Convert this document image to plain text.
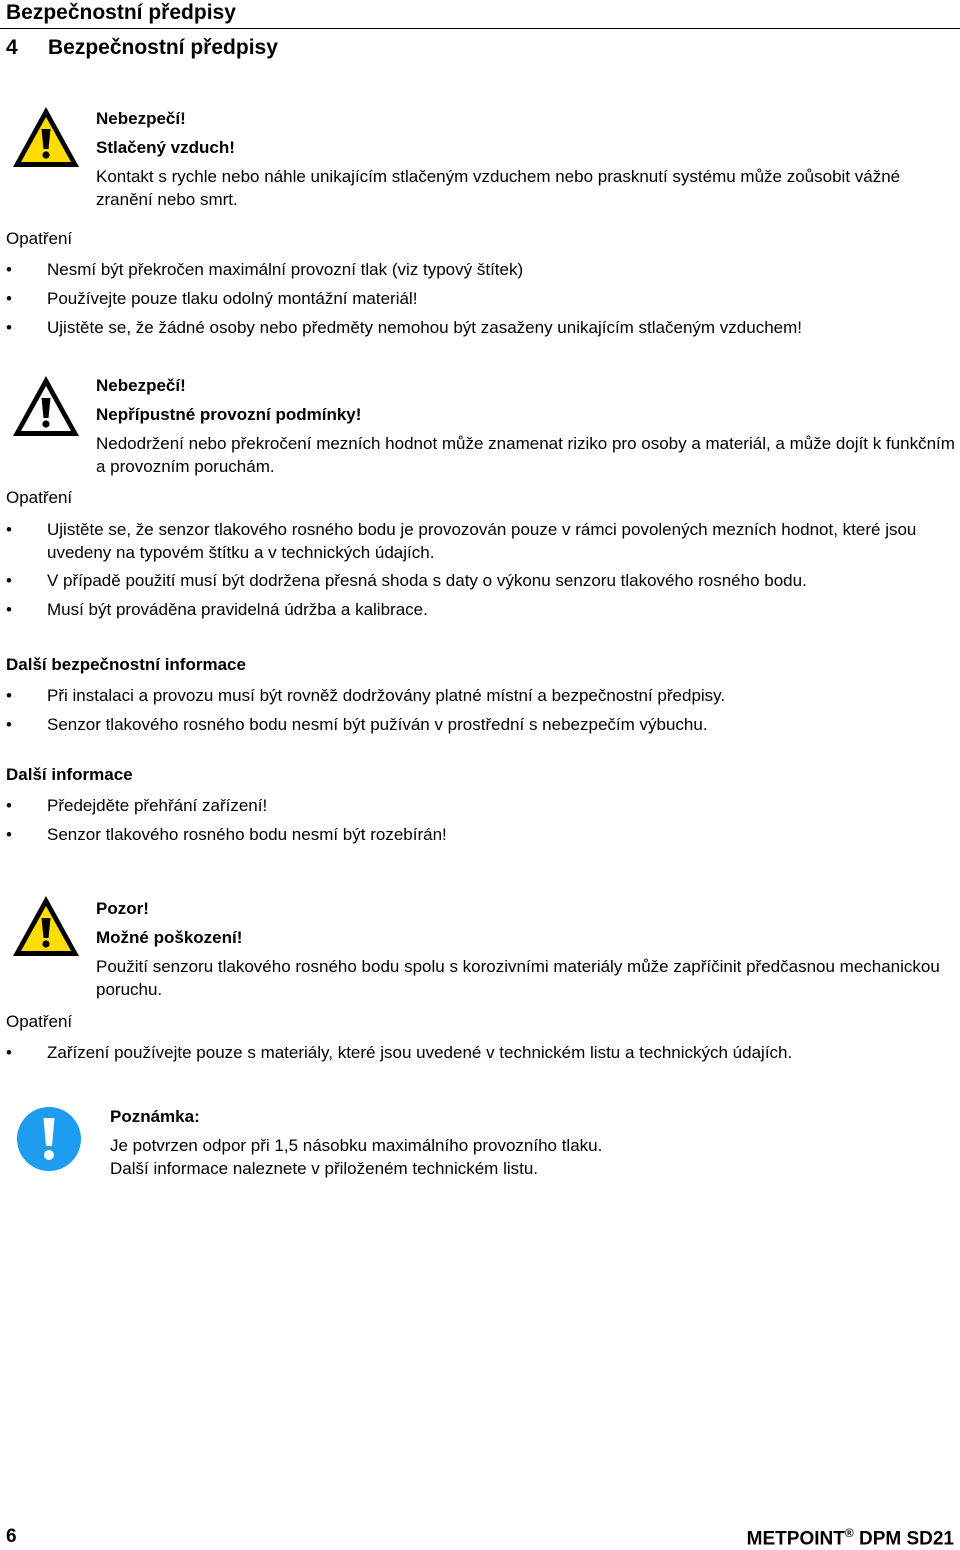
Bezpečnostní předpisy
4 Bezpečnostní předpisy
Nebezpečí!
Stlačený vzduch!
Kontakt s rychle nebo náhle unikajícím stlačeným vzduchem nebo prasknutí systému může zoůsobit vážné zranění nebo smrt.
Opatření
• Nesmí být překročen maximální provozní tlak (viz typový štítek)
• Používejte pouze tlaku odolný montážní materiál!
• Ujistěte se, že žádné osoby nebo předměty nemohou být zasaženy unikajícím stlačeným vzduchem!
Nebezpečí!
Nepřípustné provozní podmínky!
Nedodržení nebo překročení mezních hodnot může znamenat riziko pro osoby a materiál, a může dojít k funkčním a provozním poruchám.
Opatření
• Ujistěte se, že senzor tlakového rosného bodu je provozován pouze v rámci povolených mezních hodnot, které jsou uvedeny na typovém štítku a v technických údajích.
• V případě použití musí být dodržena přesná shoda s daty o výkonu senzoru tlakového rosného bodu.
• Musí být prováděna pravidelná údržba a kalibrace.
Další bezpečnostní informace
• Při instalaci a provozu musí být rovněž dodržovány platné místní a bezpečnostní předpisy.
• Senzor tlakového rosného bodu nesmí být pužíván v prostřední s nebezpečím výbuchu.
Další informace
• Předejděte přehřání zařízení!
• Senzor tlakového rosného bodu nesmí být rozebírán!
Pozor!
Možné poškození!
Použití senzoru tlakového rosného bodu spolu s korozivními materiály může zapříčinit předčasnou mechanickou poruchu.
Opatření
• Zařízení používejte pouze s materiály, které jsou uvedené v technickém listu a technických údajích.
Poznámka:
Je potvrzen odpor při 1,5 násobku maximálního provozního tlaku.
Další informace naleznete v přiloženém technickém listu.
6	METPOINT® DPM SD21
